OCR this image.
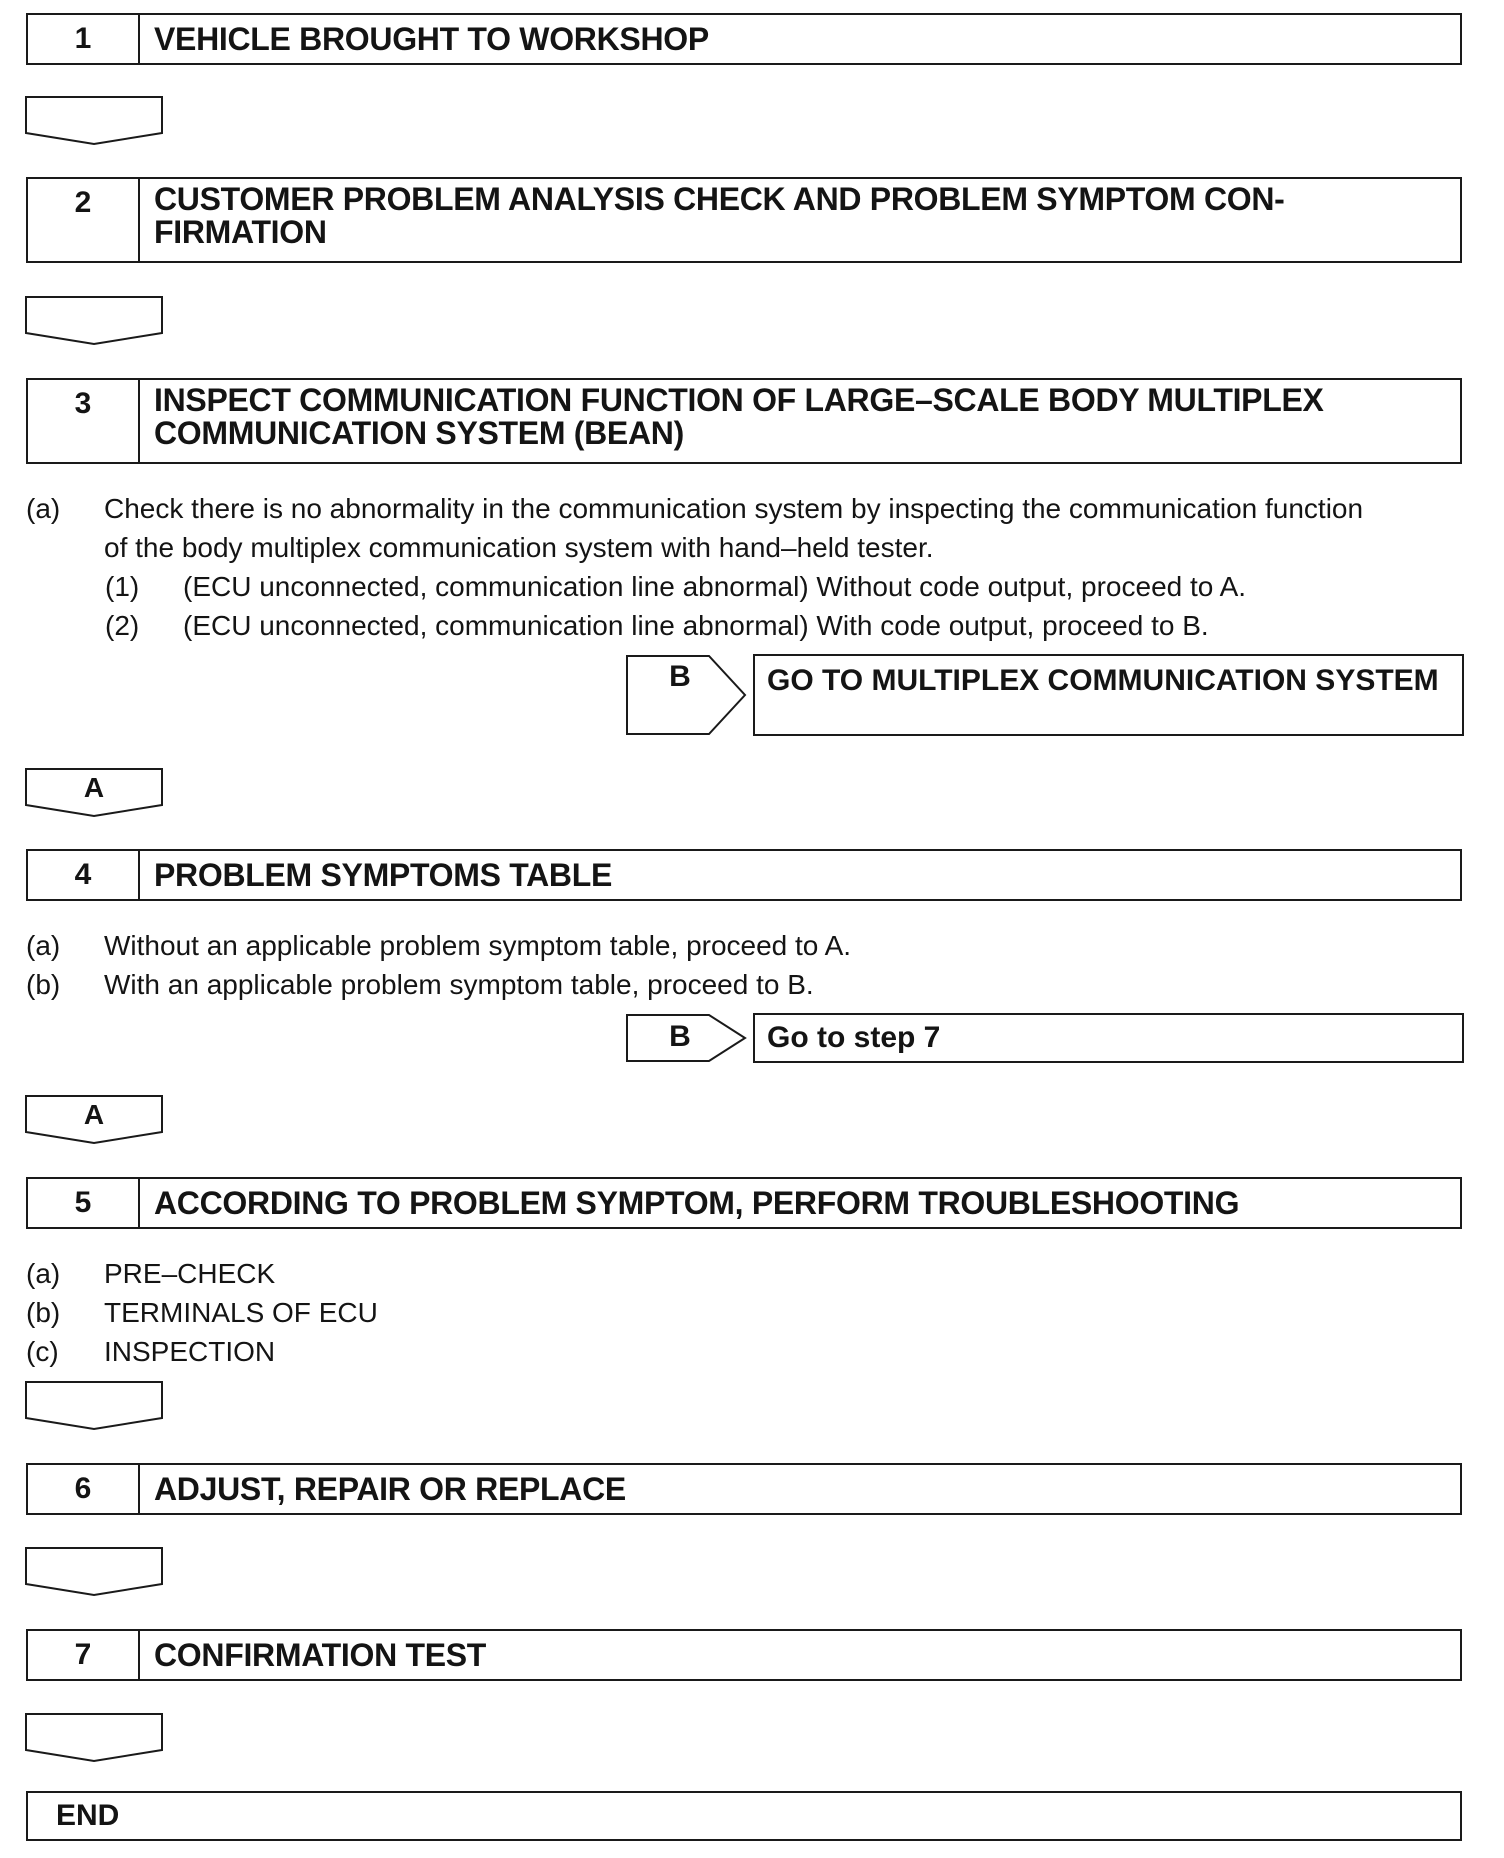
1	VEHICLE BROUGHT TO WORKSHOP
2	CUSTOMER PROBLEM ANALYSIS CHECK AND PROBLEM SYMPTOM CON-
FIRMATION
3	INSPECT COMMUNICATION FUNCTION OF LARGE–SCALE BODY MULTIPLEX
COMMUNICATION SYSTEM (BEAN)
(a) Check there is no abnormality in the communication system by inspecting the communication function
of the body multiplex communication system with hand–held tester.
(1) (ECU unconnected, communication line abnormal) Without code output, proceed to A.
(2) (ECU unconnected, communication line abnormal) With code output, proceed to B.
B	GO TO MULTIPLEX COMMUNICATION SYSTEM
A
4	PROBLEM SYMPTOMS TABLE
(a) Without an applicable problem symptom table, proceed to A.
(b) With an applicable problem symptom table, proceed to B.
B	Go to step 7
A
5	ACCORDING TO PROBLEM SYMPTOM, PERFORM TROUBLESHOOTING
(a) PRE–CHECK
(b) TERMINALS OF ECU
(c) INSPECTION
6	ADJUST, REPAIR OR REPLACE
7	CONFIRMATION TEST
END
